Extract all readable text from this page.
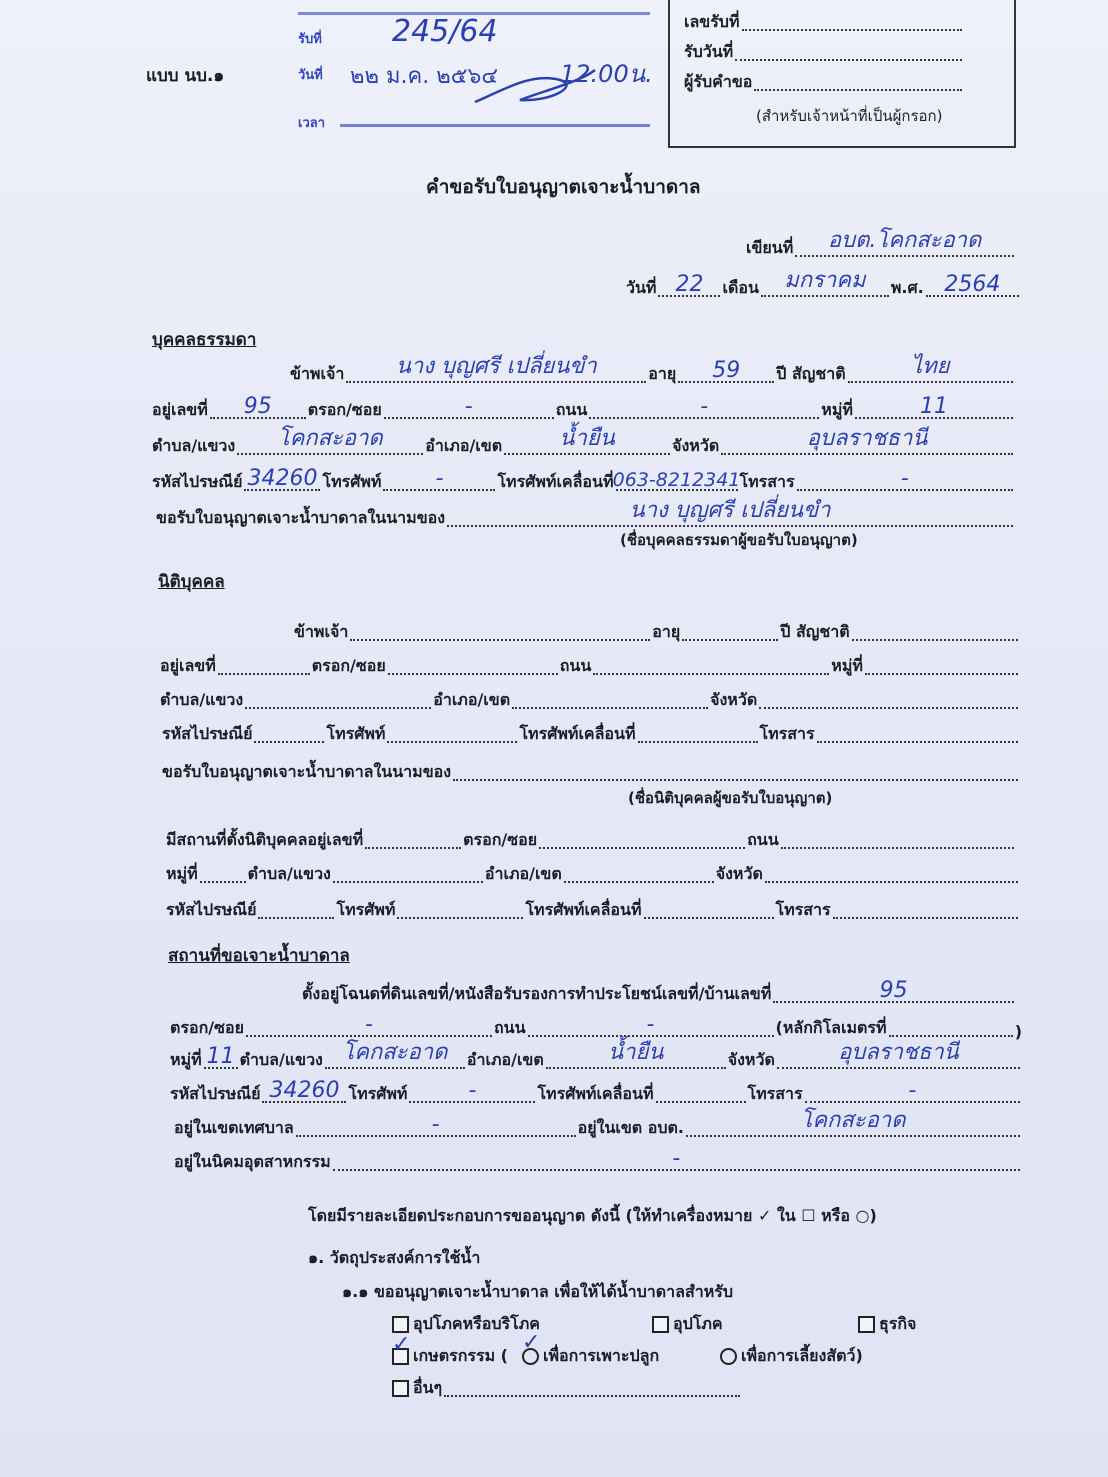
แบบ นบ.๑
รับที่ 245/64
วันที่ ๒๒ ม.ค. ๒๕๖๔	12.00น.
เวลา
เลขรับที่
รับวันที่
ผู้รับคำขอ
(สำหรับเจ้าหน้าที่เป็นผู้กรอก)
คำขอรับใบอนุญาตเจาะน้ำบาดาล
เขียนที่ อบต.โคกสะอาด
วันที่ 22 เดือน มกราคม พ.ศ. 2564
บุคคลธรรมดา
ข้าพเจ้า นาง บุญศรี เปลี่ยนขำ	อายุ 59 ปี สัญชาติ	ไทย
อยู่เลขที่ 95 ตรอก/ซอย	-	ถนน	-	หมู่ที่	11
ตำบล/แขวง โคกสะอาด	อำเภอ/เขต	น้ำยืน	จังหวัด	อุบลราชธานี
รหัสไปรษณีย์ 34260 โทรศัพท์ -	โทรศัพท์เคลื่อนที่ 063-8212341 โทรสาร	-
ขอรับใบอนุญาตเจาะน้ำบาดาลในนามของ	นาง บุญศรี เปลี่ยนขำ
(ชื่อบุคคลธรรมดาผู้ขอรับใบอนุญาต)
นิติบุคคล
ข้าพเจ้า	อายุ	ปี สัญชาติ
อยู่เลขที่	ตรอก/ซอย	ถนน	หมู่ที่
ตำบล/แขวง	อำเภอ/เขต	จังหวัด
รหัสไปรษณีย์	โทรศัพท์	โทรศัพท์เคลื่อนที่	โทรสาร
ขอรับใบอนุญาตเจาะน้ำบาดาลในนามของ
(ชื่อนิติบุคคลผู้ขอรับใบอนุญาต)
มีสถานที่ตั้งนิติบุคคลอยู่เลขที่	ตรอก/ซอย	ถนน
หมู่ที่	ตำบล/แขวง	อำเภอ/เขต	จังหวัด
รหัสไปรษณีย์	โทรศัพท์	โทรศัพท์เคลื่อนที่	โทรสาร
สถานที่ขอเจาะน้ำบาดาล
ตั้งอยู่โฉนดที่ดินเลขที่/หนังสือรับรองการทำประโยชน์เลขที่/บ้านเลขที่	95
ตรอก/ซอย	-	ถนน	-	(หลักกิโลเมตรที่	)
หมู่ที่ 11 ตำบล/แขวง โคกสะอาด อำเภอ/เขต	น้ำยืน	จังหวัด	อุบลราชธานี
รหัสไปรษณีย์ 34260 โทรศัพท์	-	โทรศัพท์เคลื่อนที่	โทรสาร	-
อยู่ในเขตเทศบาล	-	อยู่ในเขต อบต.	โคกสะอาด
อยู่ในนิคมอุตสาหกรรม	-
โดยมีรายละเอียดประกอบการขออนุญาต ดังนี้ (ให้ทำเครื่องหมาย ✓ ใน ☐ หรือ ○)
๑. วัตถุประสงค์การใช้น้ำ
๑.๑ ขออนุญาตเจาะน้ำบาดาล เพื่อให้ได้น้ำบาดาลสำหรับ
อุปโภคหรือบริโภค	อุปโภค	ธุรกิจ
เกษตรกรรม (
✓	เพื่อการเพาะปลูก
✓
เพื่อการเลี้ยงสัตว์)
อื่นๆ
